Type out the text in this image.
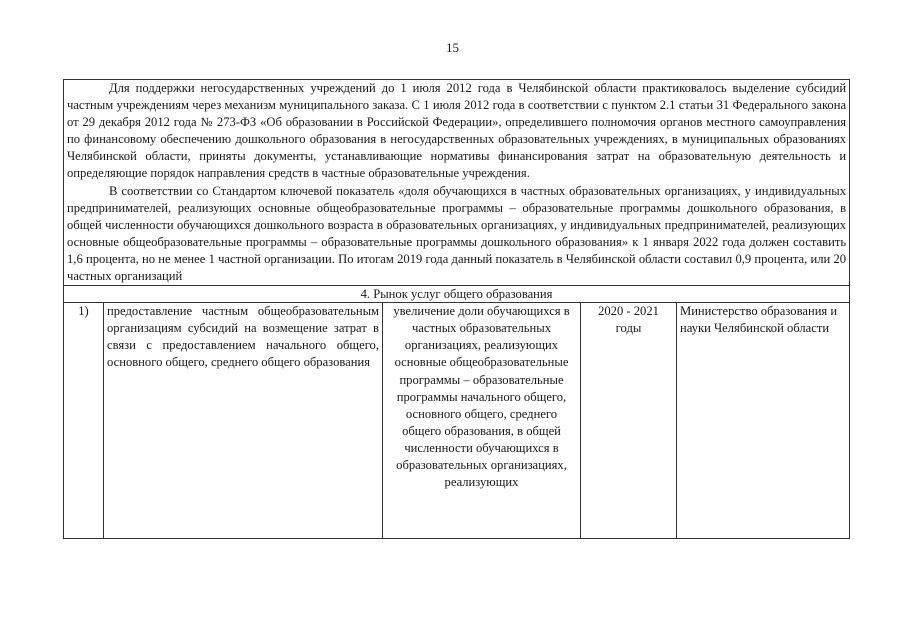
15

Для поддержки негосударственных учреждений до 1 июля 2012 года в Челябинской области практиковалось выделение субсидий частным учреждениям через механизм муниципального заказа. С 1 июля 2012 года в соответствии с пунктом 2.1 статьи 31 Федерального закона от 29 декабря 2012 года № 273-ФЗ «Об образовании в Российской Федерации», определившего полномочия органов местного самоуправления по финансовому обеспечению дошкольного образования в негосударственных образовательных учреждениях, в муниципальных образованиях Челябинской области, приняты документы, устанавливающие нормативы финансирования затрат на образовательную деятельность и определяющие порядок направления средств в частные образовательные учреждения.

В соответствии со Стандартом ключевой показатель «доля обучающихся в частных образовательных организациях, у индивидуальных предпринимателей, реализующих основные общеобразовательные программы – образовательные программы дошкольного образования, в общей численности обучающихся дошкольного возраста в образовательных организациях, у индивидуальных предпринимателей, реализующих основные общеобразовательные программы – образовательные программы дошкольного образования» к 1 января 2022 года должен составить 1,6 процента, но не менее 1 частной организации. По итогам 2019 года данный показатель в Челябинской области составил 0,9 процента, или 20 частных организаций

4. Рынок услуг общего образования
1)	предоставление частным общеобразовательным организациям субсидий на возмещение затрат в связи с предоставлением начального общего, основного общего, среднего общего образования	увеличение доли обучающихся в частных образовательных организациях, реализующих основные общеобразовательные программы – образовательные программы начального общего, основного общего, среднего общего образования, в общей численности обучающихся в образовательных организациях, реализующих	2020 - 2021 годы	Министерство образования и науки Челябинской области
